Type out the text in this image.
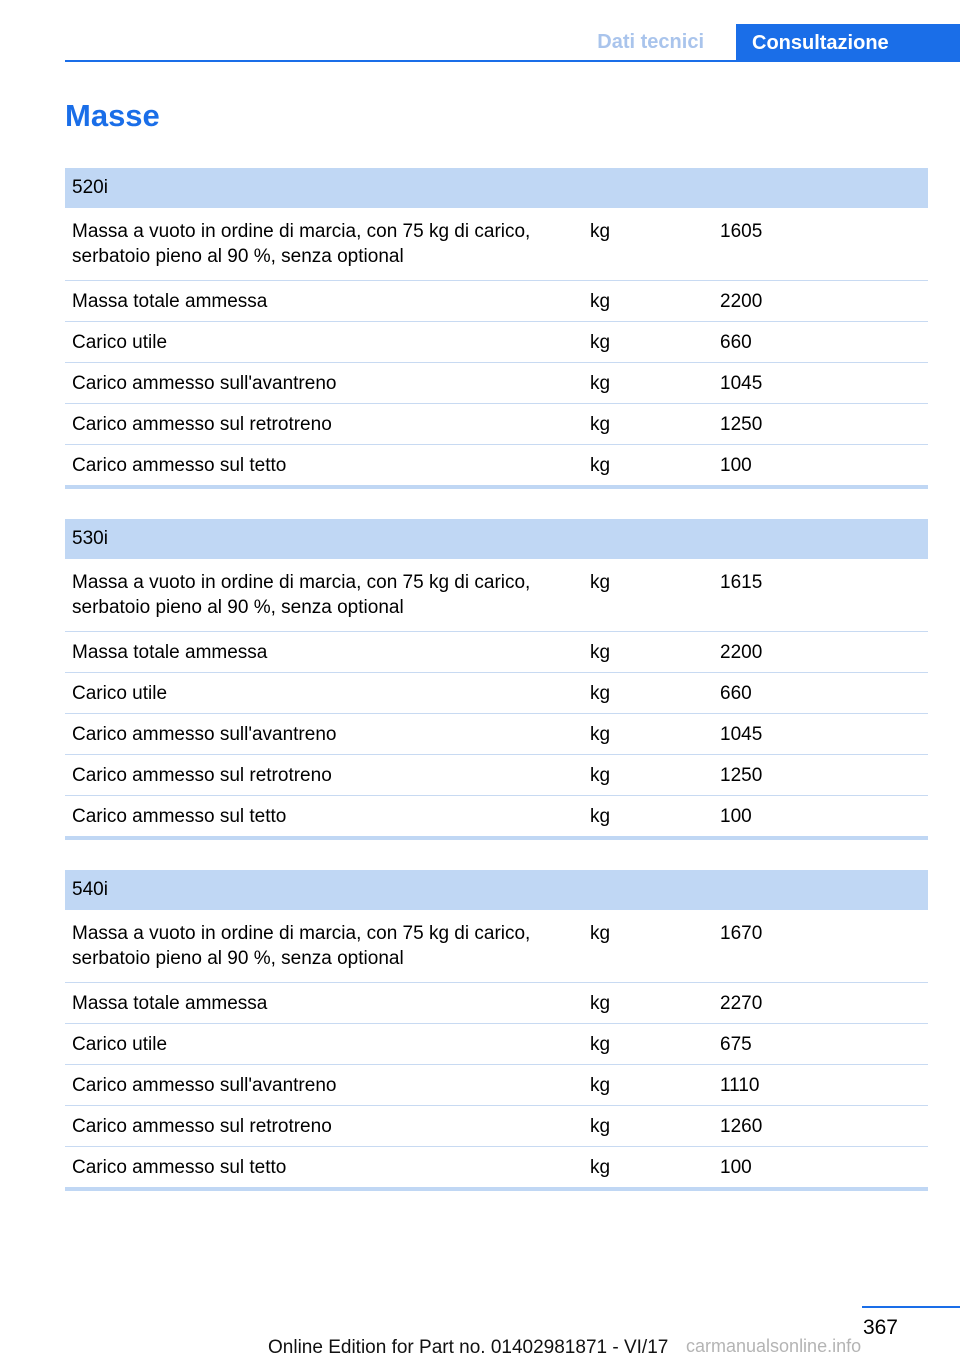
Dati tecnici	Consultazione
Masse
520i		
Massa a vuoto in ordine di marcia, con 75 kg di carico, serbatoio pieno al 90 %, senza optional	kg	1605
Massa totale ammessa	kg	2200
Carico utile	kg	660
Carico ammesso sull'avantreno	kg	1045
Carico ammesso sul retrotreno	kg	1250
Carico ammesso sul tetto	kg	100
530i		
Massa a vuoto in ordine di marcia, con 75 kg di carico, serbatoio pieno al 90 %, senza optional	kg	1615
Massa totale ammessa	kg	2200
Carico utile	kg	660
Carico ammesso sull'avantreno	kg	1045
Carico ammesso sul retrotreno	kg	1250
Carico ammesso sul tetto	kg	100
540i		
Massa a vuoto in ordine di marcia, con 75 kg di carico, serbatoio pieno al 90 %, senza optional	kg	1670
Massa totale ammessa	kg	2270
Carico utile	kg	675
Carico ammesso sull'avantreno	kg	1110
Carico ammesso sul retrotreno	kg	1260
Carico ammesso sul tetto	kg	100
367
Online Edition for Part no. 01402981871 - VI/17 carmanualsonline.info
